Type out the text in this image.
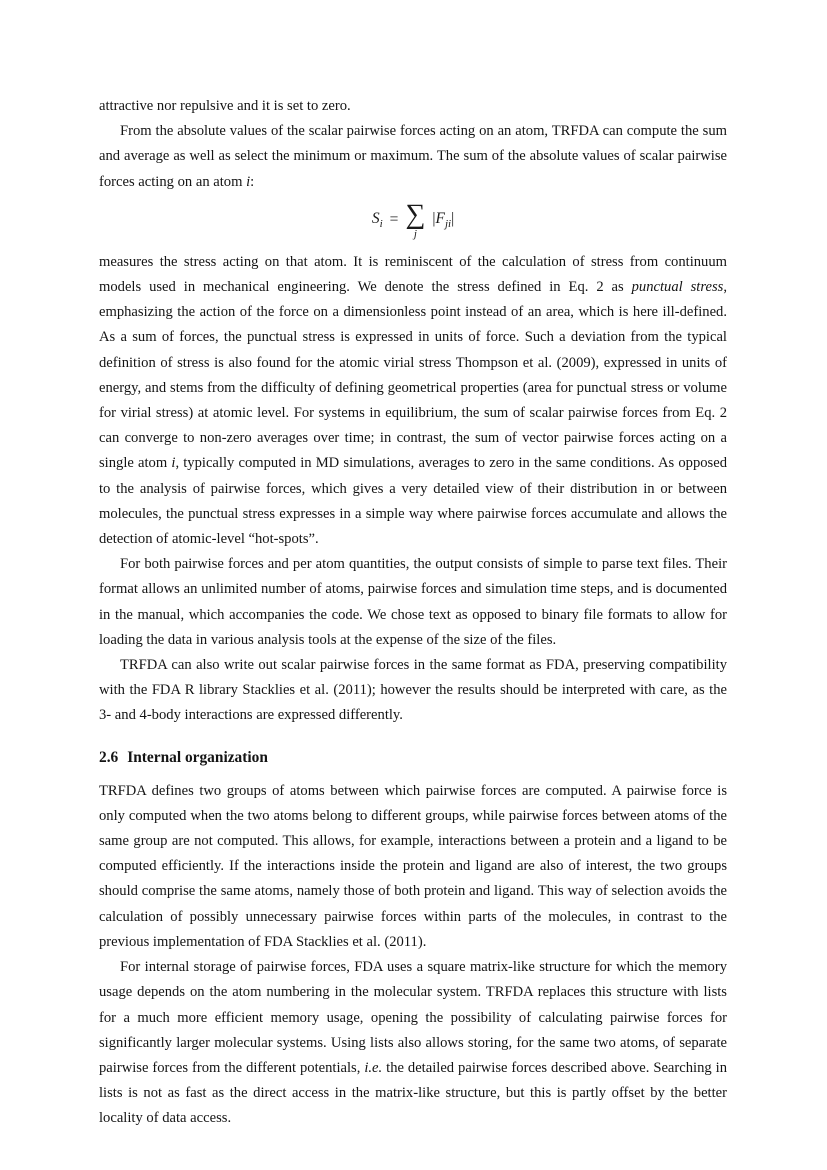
attractive nor repulsive and it is set to zero.

From the absolute values of the scalar pairwise forces acting on an atom, TRFDA can compute the sum and average as well as select the minimum or maximum. The sum of the absolute values of scalar pairwise forces acting on an atom i:

$S_i$ = ∑
j
$|F_{ji}|$

measures the stress acting on that atom. It is reminiscent of the calculation of stress from continuum models used in mechanical engineering. We denote the stress defined in Eq. 2 as punctual stress, emphasizing the action of the force on a dimensionless point instead of an area, which is here ill-defined. As a sum of forces, the punctual stress is expressed in units of force. Such a deviation from the typical definition of stress is also found for the atomic virial stress Thompson et al. (2009), expressed in units of energy, and stems from the difficulty of defining geometrical properties (area for punctual stress or volume for virial stress) at atomic level. For systems in equilibrium, the sum of scalar pairwise forces from Eq. 2 can converge to non-zero averages over time; in contrast, the sum of vector pairwise forces acting on a single atom i, typically computed in MD simulations, averages to zero in the same conditions. As opposed to the analysis of pairwise forces, which gives a very detailed view of their distribution in or between molecules, the punctual stress expresses in a simple way where pairwise forces accumulate and allows the detection of atomic-level “hot-spots”.

For both pairwise forces and per atom quantities, the output consists of simple to parse text files. Their format allows an unlimited number of atoms, pairwise forces and simulation time steps, and is documented in the manual, which accompanies the code. We chose text as opposed to binary file formats to allow for loading the data in various analysis tools at the expense of the size of the files.

TRFDA can also write out scalar pairwise forces in the same format as FDA, preserving compatibility with the FDA R library Stacklies et al. (2011); however the results should be interpreted with care, as the 3- and 4-body interactions are expressed differently.

2.6 Internal organization

TRFDA defines two groups of atoms between which pairwise forces are computed. A pairwise force is only computed when the two atoms belong to different groups, while pairwise forces between atoms of the same group are not computed. This allows, for example, interactions between a protein and a ligand to be computed efficiently. If the interactions inside the protein and ligand are also of interest, the two groups should comprise the same atoms, namely those of both protein and ligand. This way of selection avoids the calculation of possibly unnecessary pairwise forces within parts of the molecules, in contrast to the previous implementation of FDA Stacklies et al. (2011).

For internal storage of pairwise forces, FDA uses a square matrix-like structure for which the memory usage depends on the atom numbering in the molecular system. TRFDA replaces this structure with lists for a much more efficient memory usage, opening the possibility of calculating pairwise forces for significantly larger molecular systems. Using lists also allows storing, for the same two atoms, of separate pairwise forces from the different potentials, i.e. the detailed pairwise forces described above. Searching in lists is not as fast as the direct access in the matrix-like structure, but this is partly offset by the better locality of data access.
